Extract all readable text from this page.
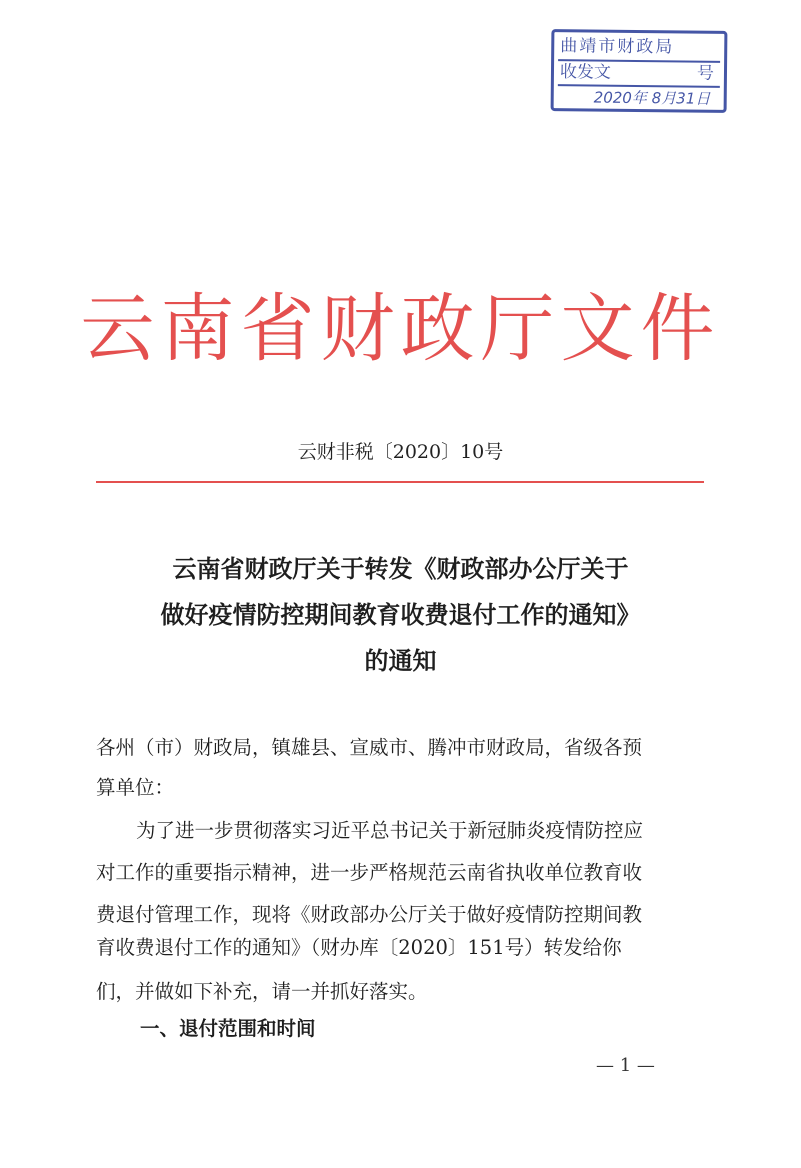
曲靖市财政局
收发文	号
2020年 8月31日
云南省财政厅文件
云财非税〔2020〕10号
云南省财政厅关于转发《财政部办公厅关于
做好疫情防控期间教育收费退付工作的通知》
的通知
各州（市）财政局，镇雄县、宣威市、腾冲市财政局，省级各预
算单位：
为了进一步贯彻落实习近平总书记关于新冠肺炎疫情防控应
对工作的重要指示精神，进一步严格规范云南省执收单位教育收
费退付管理工作，现将《财政部办公厅关于做好疫情防控期间教
育收费退付工作的通知》（财办库〔2020〕151号）转发给你
们，并做如下补充，请一并抓好落实。
一、退付范围和时间
— 1 —
